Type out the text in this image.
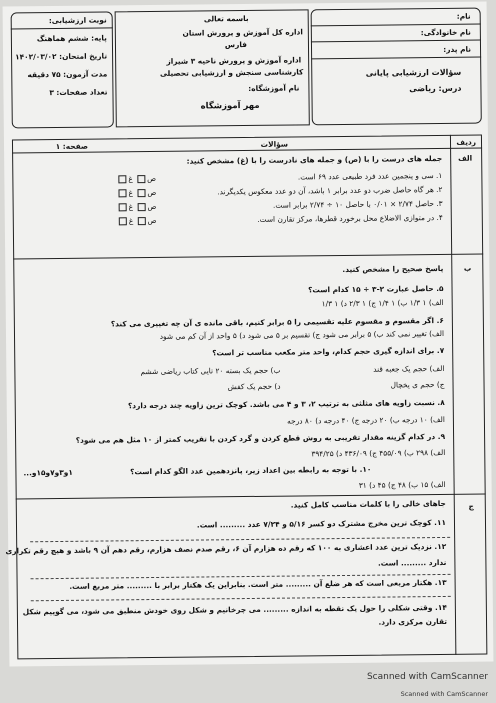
نوبت ارزشیابی:
پایه: ششم هماهنگ
تاریخ امتحان: ۱۴۰۲/۰۳/۰۲
مدت آزمون: ۷۵ دقیقه
تعداد صفحات: ۳
باسمه تعالی
اداره کل آموزش و پرورش استان
فارس
اداره آموزش و پرورش ناحیه ۳ شیراز
کارشناسی سنجش و ارزشیابی تحصیلی
نام آموزشگاه:
مهر آموزشگاه
نام:
نام خانوادگی:
نام پدر:
سؤالات ارزشیابی پایانی
درس: ریاضی
ردیف
سؤالات
صفحه: ۱
الف
جمله های درست را با (ص) و جمله های نادرست را با (غ) مشخص کنید:
۱. سی و پنجمین عدد فرد طبیعی عدد ۶۹ است.
۲. هر گاه حاصل ضرب دو عدد برابر ۱ باشد، آن دو عدد معکوس یکدیگرند.
۳. حاصل ۲/۷۴ × ۰/۰۱ با حاصل ۱۰ ÷ ۲/۷۴ برابر است.
۴. در متوازی الاضلاع محل برخورد قطرها، مرکز تقارن است.
ص غ
ص غ
ص غ
ص غ
ب
پاسخ صحیح را مشخص کنید.
۵. حاصل عبارت ۲-۳ ÷ ۱۵ کدام است؟
الف) ۱ ۱/۳ ب) ۱ ۱/۴ ج) ۱ ۲/۳ د) ۱ ۱/۳
۶. اگر مقسوم و مقسوم علیه تقسیمی را ۵ برابر کنیم، باقی مانده ی آن چه تغییری می کند؟
الف) تغییر نمی کند ب) ۵ برابر می شود ج) تقسیم بر ۵ می شود د) ۵ واحد از آن کم می شود
۷. برای اندازه گیری حجم کدام، واحد متر مکعب مناسب تر است؟
الف) حجم یک جعبه قند
ب) حجم یک بسته ۲۰ تایی کتاب ریاضی ششم
ج) حجم ی یخچال
د) حجم یک کفش
۸. نسبت زاویه های مثلثی به ترتیب ۲، ۳ و ۴ می باشد. کوچک ترین زاویه چند درجه دارد؟
الف) ۱۰ درجه ب) ۲۰ درجه ج) ۴۰ درجه د) ۸۰ درجه
۹. در کدام گزینه مقدار تقریبی به روش قطع کردن و گرد کردن با تقریب کمتر از ۱۰ مثل هم می شود؟
الف) ۲۹۸ ب) ۴۵۵/۰۹ ج) ۴۳۶/۰۹ د) ۳۹۴/۲۵
۱۰. با توجه به رابطه بین اعداد زیر، پانزدهمین عدد الگو کدام است؟
۱و۳و۷و۱۵و...
الف) ۱۵ ب) ۴۸ ج) ۴۵ د) ۳۱
ج
جاهای خالی را با کلمات مناسب کامل کنید.
۱۱. کوچک ترین مخرج مشترک دو کسر ۵/۱۶ و ۷/۲۴ عدد ......... است.
۱۲. نزدیک ترین عدد اعشاری به ۱۰۰ که رقم ده هزارم آن ۶، رقم صدم نصف هزارم، رقم دهم آن ۹ باشد و هیچ رقم تکراری
ندارد ......... است.
۱۳. هکتار مربعی است که هر ضلع آن ......... متر است. بنابراین یک هکتار برابر با ......... متر مربع است.
۱۴. وقتی شکلی را حول یک نقطه به اندازه ......... می چرخانیم و شکل روی خودش منطبق می شود، می گوییم شکل
تقارن مرکزی دارد.
Scanned with CamScanner
Scanned with CamScanner
